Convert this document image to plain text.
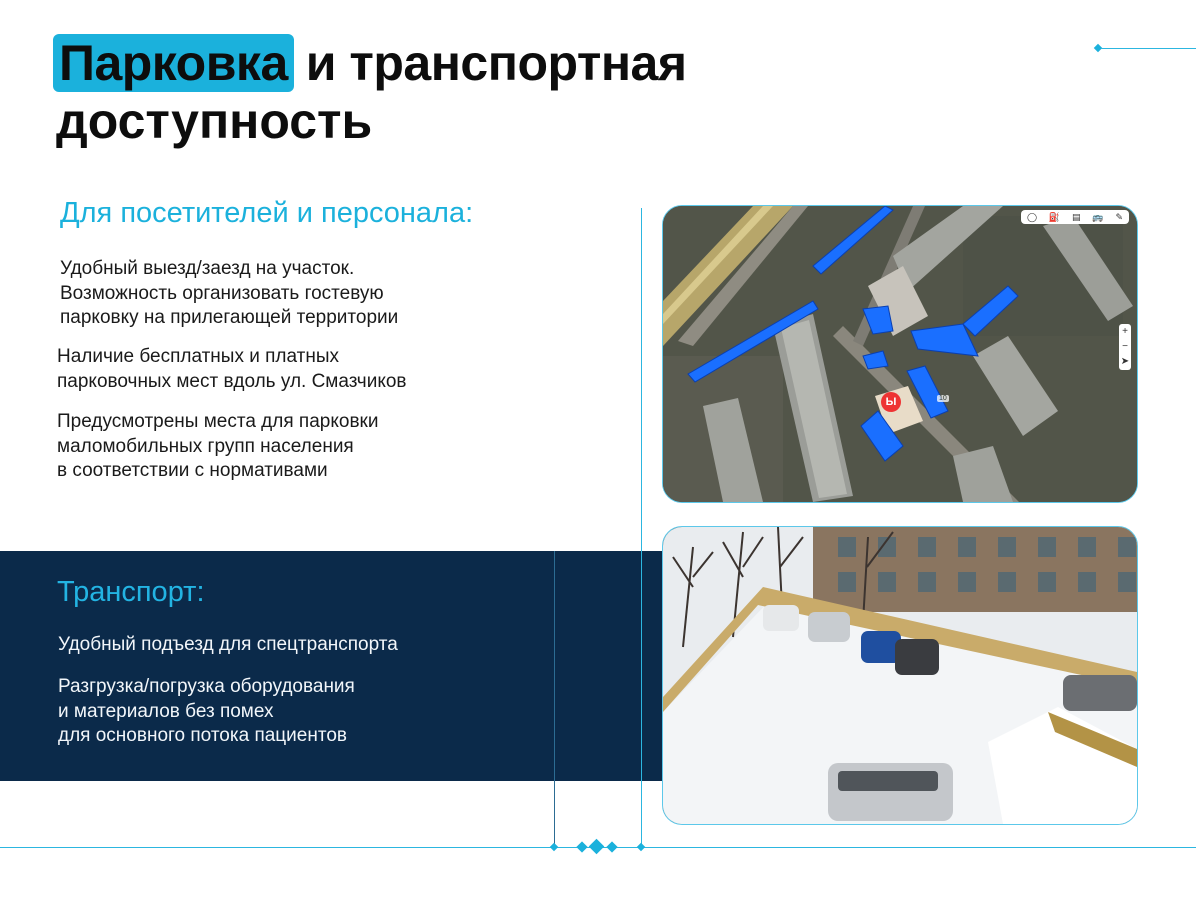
Парковка и транспортная
доступность
Для посетителей и персонала:
Удобный выезд/заезд на участок.
Возможность организовать гостевую
парковку на прилегающей территории
Наличие бесплатных и платных
парковочных мест вдоль ул. Смазчиков
Предусмотрены места для парковки
маломобильных групп населения
в соответствии с нормативами
Транспорт:
Удобный подъезд для спецтранспорта
Разгрузка/погрузка оборудования
и материалов без помех
для основного потока пациентов
◯ ⛽ ▤ 🚌 ✎
+
−
➤
Ы	10
